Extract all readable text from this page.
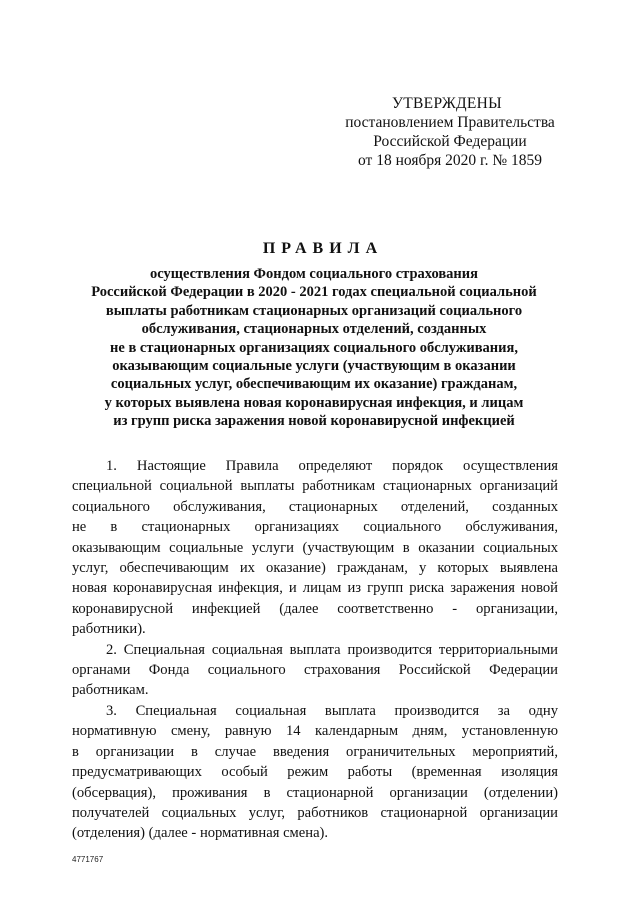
УТВЕРЖДЕНЫ
постановлением Правительства
Российской Федерации
от 18 ноября 2020 г. № 1859
ПРАВИЛА
осуществления Фондом социального страхования
Российской Федерации в 2020 - 2021 годах специальной социальной
выплаты работникам стационарных организаций социального
обслуживания, стационарных отделений, созданных
не в стационарных организациях социального обслуживания,
оказывающим социальные услуги (участвующим в оказании
социальных услуг, обеспечивающим их оказание) гражданам,
у которых выявлена новая коронавирусная инфекция, и лицам
из групп риска заражения новой коронавирусной инфекцией
1. Настоящие Правила определяют порядок осуществления
специальной социальной выплаты работникам стационарных организаций
социального обслуживания, стационарных отделений, созданных
не в стационарных организациях социального обслуживания,
оказывающим социальные услуги (участвующим в оказании социальных
услуг, обеспечивающим их оказание) гражданам, у которых выявлена
новая коронавирусная инфекция, и лицам из групп риска заражения новой
коронавирусной инфекцией (далее соответственно - организации,
работники).
2. Специальная социальная выплата производится территориальными
органами Фонда социального страхования Российской Федерации
работникам.
3. Специальная социальная выплата производится за одну
нормативную смену, равную 14 календарным дням, установленную
в организации в случае введения ограничительных мероприятий,
предусматривающих особый режим работы (временная изоляция
(обсервация), проживания в стационарной организации (отделении)
получателей социальных услуг, работников стационарной организации
(отделения) (далее - нормативная смена).
4771767
